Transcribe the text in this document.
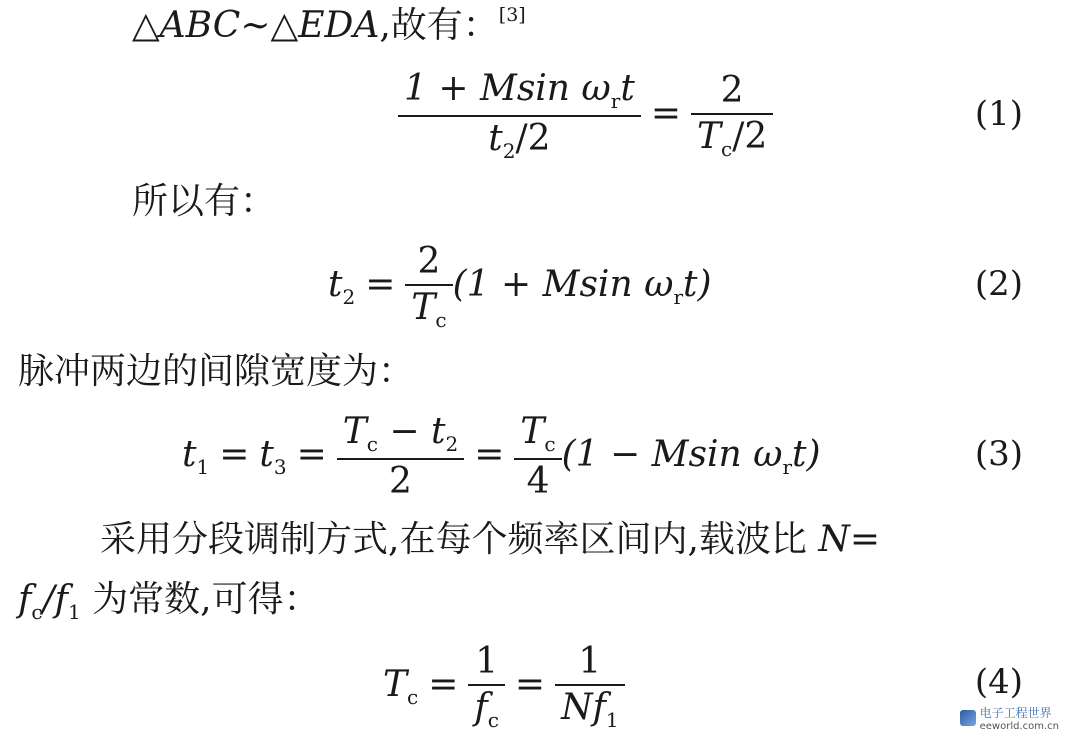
△ABC∼△EDA,故有：[3]
$\frac{1 + Msin \omega_rt}{t_2/2} = \frac{2}{T_c/2}$	(1)
所以有：
$t_2 = \frac{2}{T_c} (1 + Msin$ $\omega_rt$)	(2)
脉冲两边的间隙宽度为：
$t_1 = t_3 = \frac{T_c - t_2}{2} = \frac{T_c}{4} (1 - Msin$ $\omega_rt$)	(3)
采用分段调制方式,在每个频率区间内,载波比 N=
$f_c/f_1$ 为常数,可得：
$T_c = \frac{1}{f_c} = \frac{1}{Nf_1}$	(4)
电子工程世界
eeworld.com.cn
